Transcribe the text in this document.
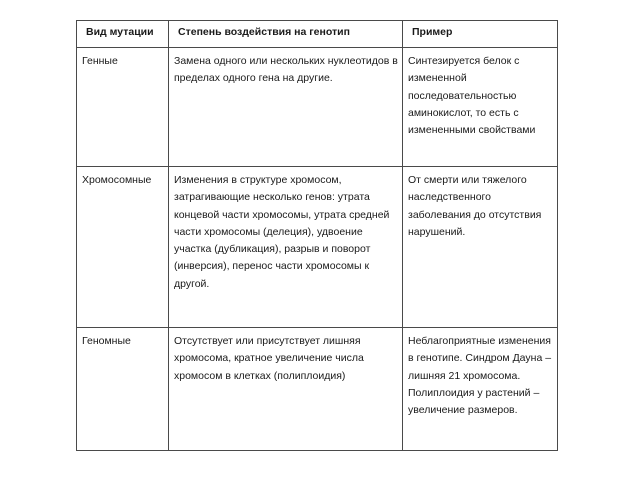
Вид мутации	Степень воздействия на генотип	Пример
Генные	Замена одного или нескольких нуклеотидов в пределах одного гена на другие.	Синтезируется белок с измененной последовательностью аминокислот, то есть с измененными свойствами
Хромосомные	Изменения в структуре хромосом, затрагивающие несколько генов: утрата концевой части хромосомы, утрата средней части хромосомы (делеция), удвоение участка (дубликация), разрыв и поворот (инверсия), перенос части хромосомы к другой.	От смерти или тяжелого наследственного заболевания до отсутствия нарушений.
Геномные	Отсутствует или присутствует лишняя хромосома, кратное увеличение числа хромосом в клетках (полиплоидия)	Неблагоприятные изменения в генотипе. Синдром Дауна – лишняя 21 хромосома. Полиплоидия у растений – увеличение размеров.
